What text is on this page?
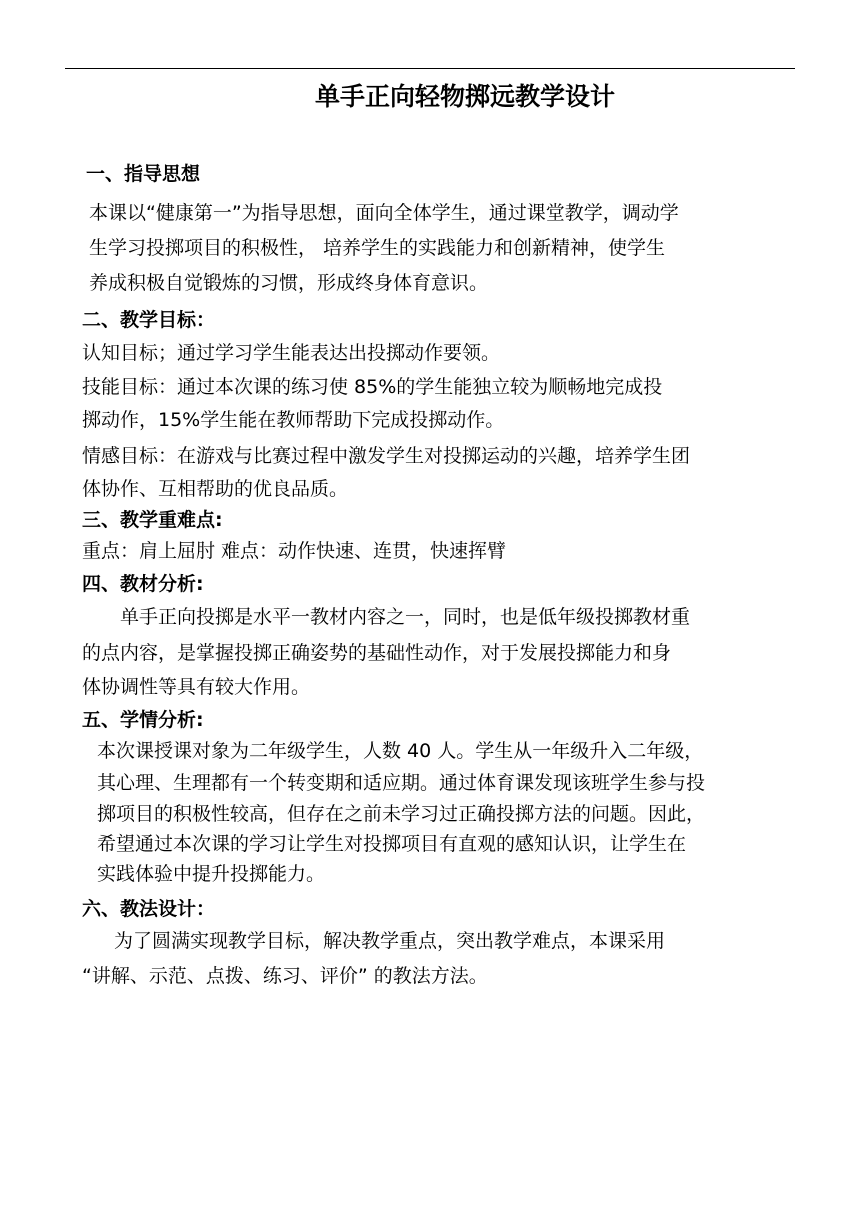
单手正向轻物掷远教学设计
一、指导思想
本课以“健康第一”为指导思想，面向全体学生，通过课堂教学，调动学
生学习投掷项目的积极性， 培养学生的实践能力和创新精神，使学生
养成积极自觉锻炼的习惯，形成终身体育意识。
二、教学目标：
认知目标；通过学习学生能表达出投掷动作要领。
技能目标：通过本次课的练习使 85%的学生能独立较为顺畅地完成投
掷动作，15%学生能在教师帮助下完成投掷动作。
情感目标：在游戏与比赛过程中激发学生对投掷运动的兴趣，培养学生团
体协作、互相帮助的优良品质。
三、教学重难点:
重点：肩上屈肘 难点：动作快速、连贯，快速挥臂
四、教材分析:
单手正向投掷是水平一教材内容之一，同时，也是低年级投掷教材重
的点内容，是掌握投掷正确姿势的基础性动作，对于发展投掷能力和身
体协调性等具有较大作用。
五、学情分析:
本次课授课对象为二年级学生，人数 40 人。学生从一年级升入二年级，
其心理、生理都有一个转变期和适应期。通过体育课发现该班学生参与投
掷项目的积极性较高，但存在之前未学习过正确投掷方法的问题。因此，
希望通过本次课的学习让学生对投掷项目有直观的感知认识，让学生在
实践体验中提升投掷能力。
六、教法设计：
为了圆满实现教学目标，解决教学重点，突出教学难点，本课采用
“讲解、示范、点拨、练习、评价” 的教法方法。
